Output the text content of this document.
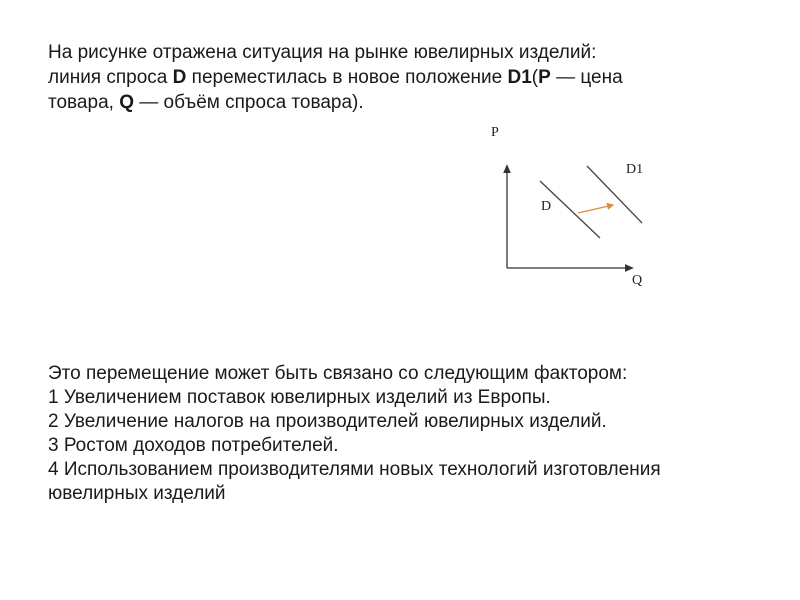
На рисунке отражена ситуация на рынке ювелирных изделий:
линия спроса D переместилась в новое положение D1(P — цена
товара, Q — объём спроса товара).
P
D1
D
Q

Это перемещение может быть связано со следующим фактором:

1 Увеличением поставок ювелирных изделий из Европы.

2 Увеличение налогов на производителей ювелирных изделий.

3 Ростом доходов потребителей.

4 Использованием производителями новых технологий изготовления ювелирных изделий
